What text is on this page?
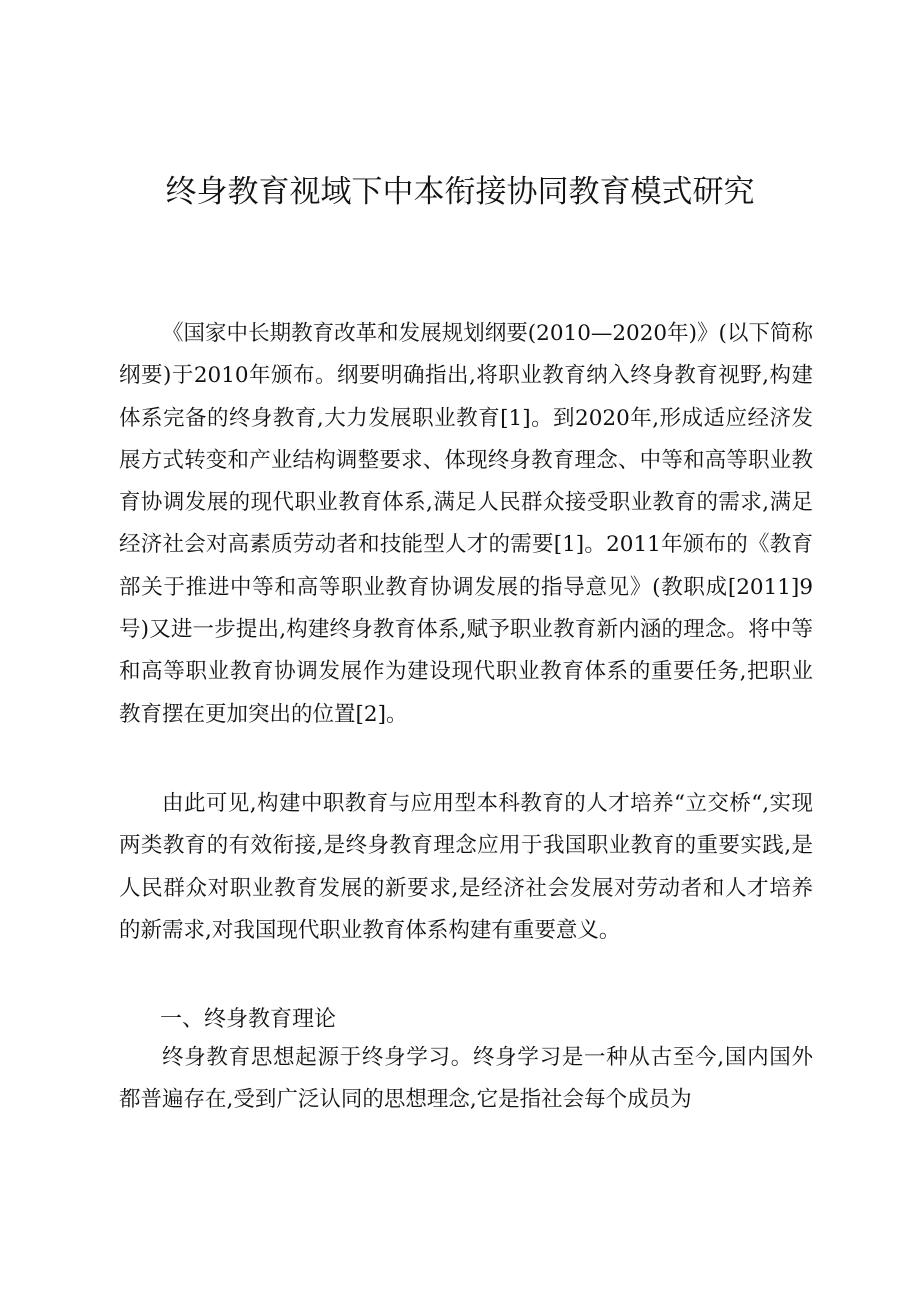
终身教育视域下中本衔接协同教育模式研究

《国家中长期教育改革和发展规划纲要(2010—2020年)》(以下简称纲要)于2010年颁布。纲要明确指出,将职业教育纳入终身教育视野,构建体系完备的终身教育,大力发展职业教育[1]。到2020年,形成适应经济发展方式转变和产业结构调整要求、体现终身教育理念、中等和高等职业教育协调发展的现代职业教育体系,满足人民群众接受职业教育的需求,满足经济社会对高素质劳动者和技能型人才的需要[1]。2011年颁布的《教育部关于推进中等和高等职业教育协调发展的指导意见》(教职成[2011]9号)又进一步提出,构建终身教育体系,赋予职业教育新内涵的理念。将中等和高等职业教育协调发展作为建设现代职业教育体系的重要任务,把职业教育摆在更加突出的位置[2]。

由此可见,构建中职教育与应用型本科教育的人才培养“立交桥“,实现两类教育的有效衔接,是终身教育理念应用于我国职业教育的重要实践,是人民群众对职业教育发展的新要求,是经济社会发展对劳动者和人才培养的新需求,对我国现代职业教育体系构建有重要意义。

一、终身教育理论

终身教育思想起源于终身学习。终身学习是一种从古至今,国内国外都普遍存在,受到广泛认同的思想理念,它是指社会每个成员为
